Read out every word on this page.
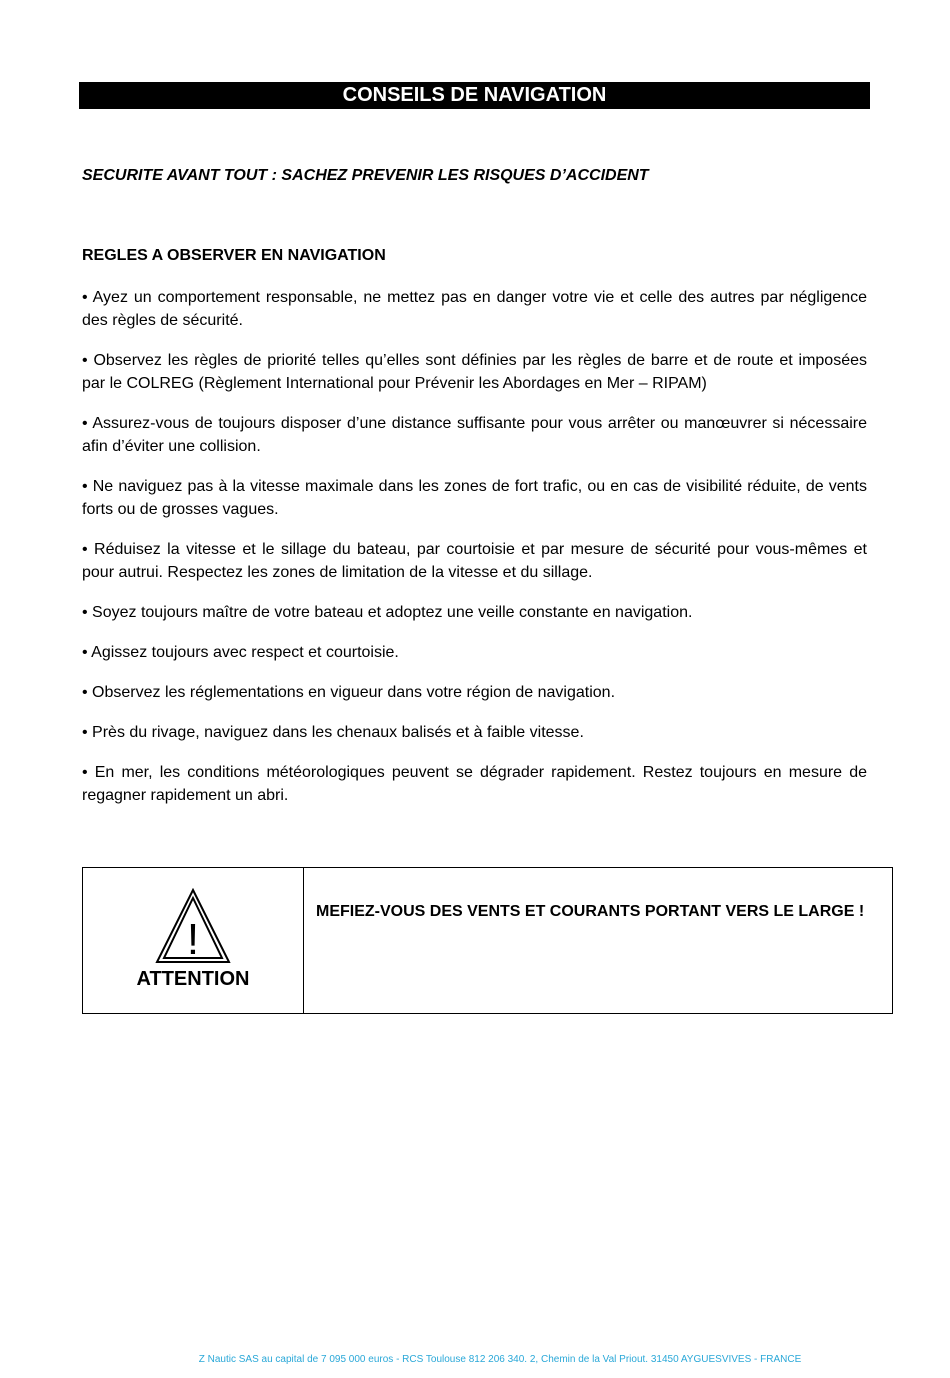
CONSEILS DE NAVIGATION
SECURITE AVANT TOUT : SACHEZ PREVENIR LES RISQUES D’ACCIDENT
REGLES A OBSERVER EN NAVIGATION

• Ayez un comportement responsable, ne mettez pas en danger votre vie et celle des autres par négligence des règles de sécurité.

• Observez les règles de priorité telles qu’elles sont définies par les règles de barre et de route et imposées par le COLREG (Règlement International pour Prévenir les Abordages en Mer – RIPAM)

• Assurez-vous de toujours disposer d’une distance suffisante pour vous arrêter ou manœuvrer si nécessaire afin d’éviter une collision.

• Ne naviguez pas à la vitesse maximale dans les zones de fort trafic, ou en cas de visibilité réduite, de vents forts ou de grosses vagues.

• Réduisez la vitesse et le sillage du bateau, par courtoisie et par mesure de sécurité pour vous-mêmes et pour autrui. Respectez les zones de limitation de la vitesse et du sillage.

• Soyez toujours maître de votre bateau et adoptez une veille constante en navigation.

• Agissez toujours avec respect et courtoisie.

• Observez les réglementations en vigueur dans votre région de navigation.

• Près du rivage, naviguez dans les chenaux balisés et à faible vitesse.

• En mer, les conditions météorologiques peuvent se dégrader rapidement. Restez toujours en mesure de regagner rapidement un abri.

!
ATTENTION
MEFIEZ-VOUS DES VENTS ET COURANTS PORTANT VERS LE LARGE !
Z Nautic SAS au capital de 7 095 000 euros - RCS Toulouse 812 206 340. 2, Chemin de la Val Priout. 31450 AYGUESVIVES - FRANCE
